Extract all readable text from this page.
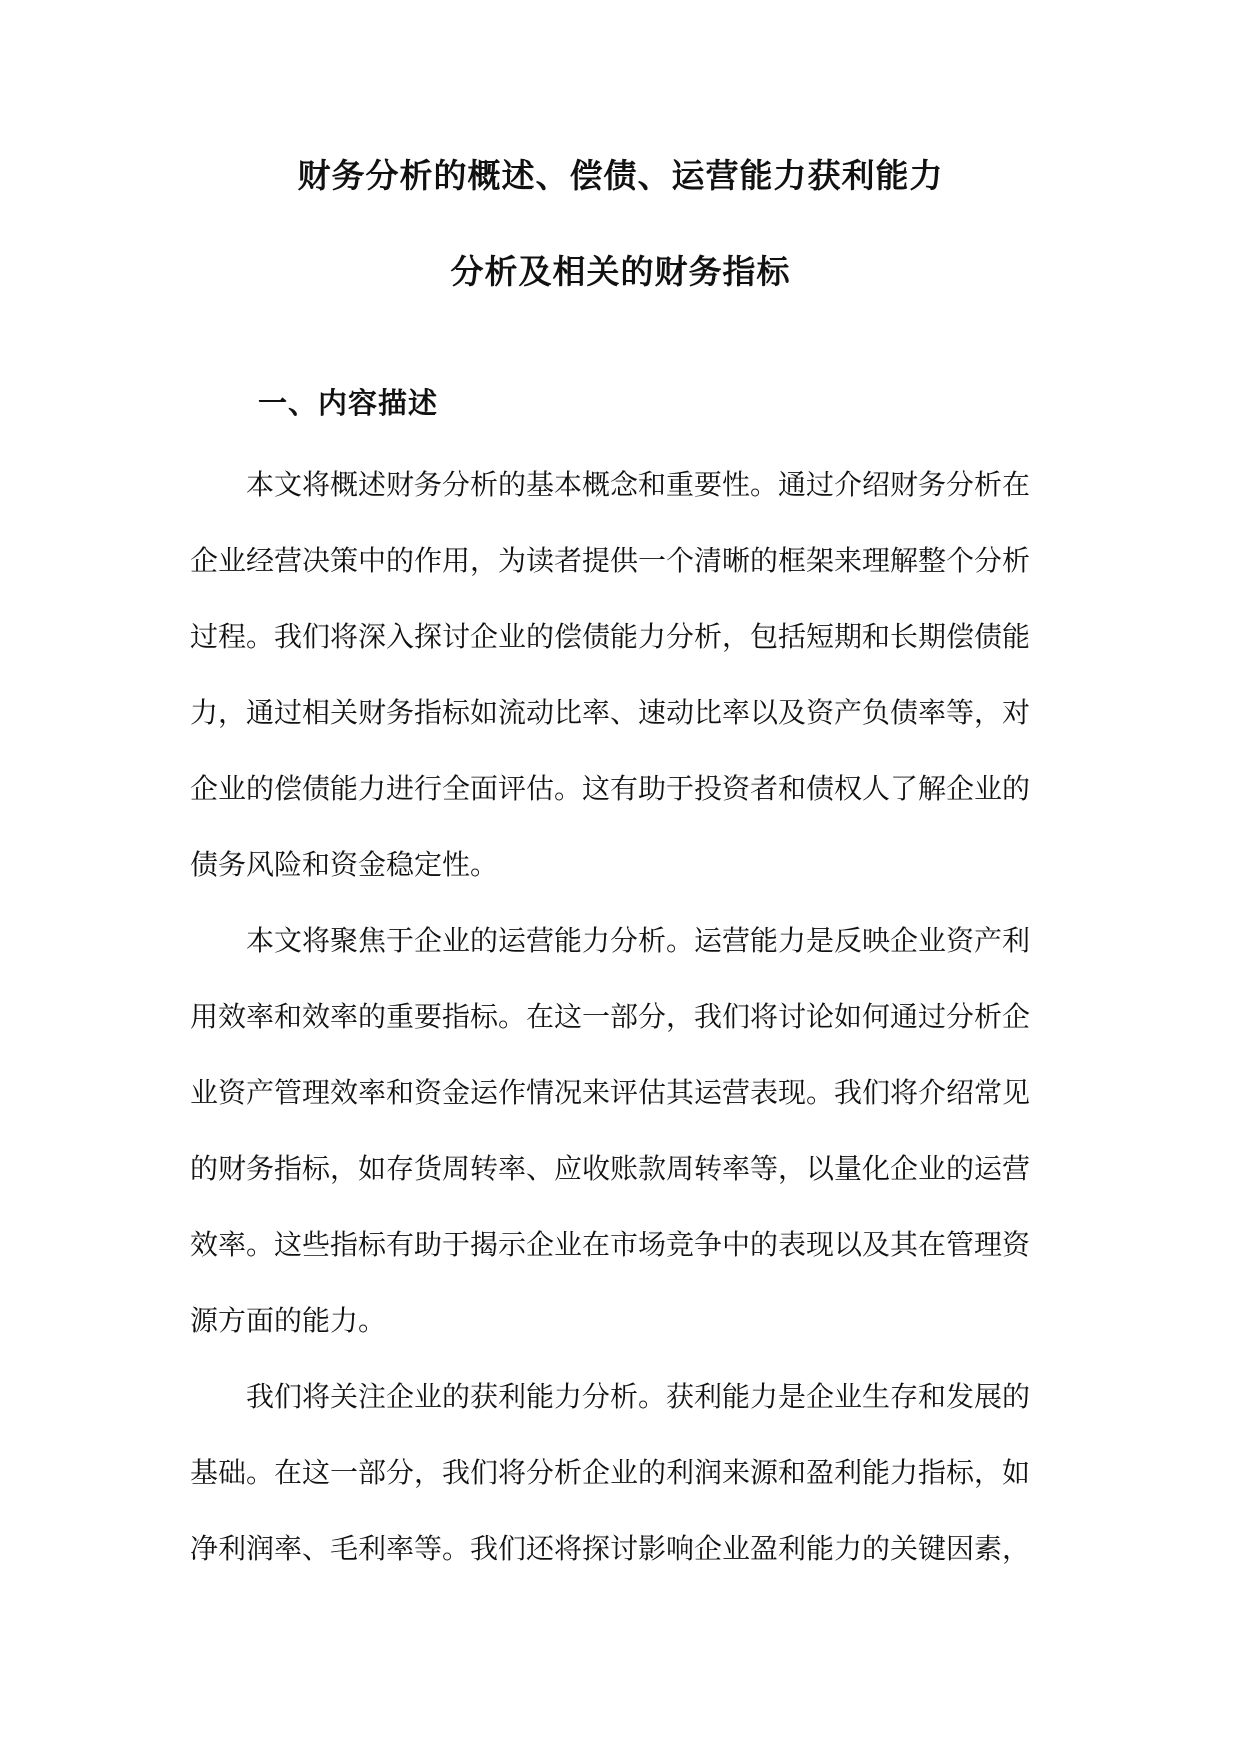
财务分析的概述、偿债、运营能力获利能力
分析及相关的财务指标
一、内容描述
本文将概述财务分析的基本概念和重要性。通过介绍财务分析在
企业经营决策中的作用，为读者提供一个清晰的框架来理解整个分析
过程。我们将深入探讨企业的偿债能力分析，包括短期和长期偿债能
力，通过相关财务指标如流动比率、速动比率以及资产负债率等，对
企业的偿债能力进行全面评估。这有助于投资者和债权人了解企业的
债务风险和资金稳定性。
本文将聚焦于企业的运营能力分析。运营能力是反映企业资产利
用效率和效率的重要指标。在这一部分，我们将讨论如何通过分析企
业资产管理效率和资金运作情况来评估其运营表现。我们将介绍常见
的财务指标，如存货周转率、应收账款周转率等，以量化企业的运营
效率。这些指标有助于揭示企业在市场竞争中的表现以及其在管理资
源方面的能力。
我们将关注企业的获利能力分析。获利能力是企业生存和发展的
基础。在这一部分，我们将分析企业的利润来源和盈利能力指标，如
净利润率、毛利率等。我们还将探讨影响企业盈利能力的关键因素，
